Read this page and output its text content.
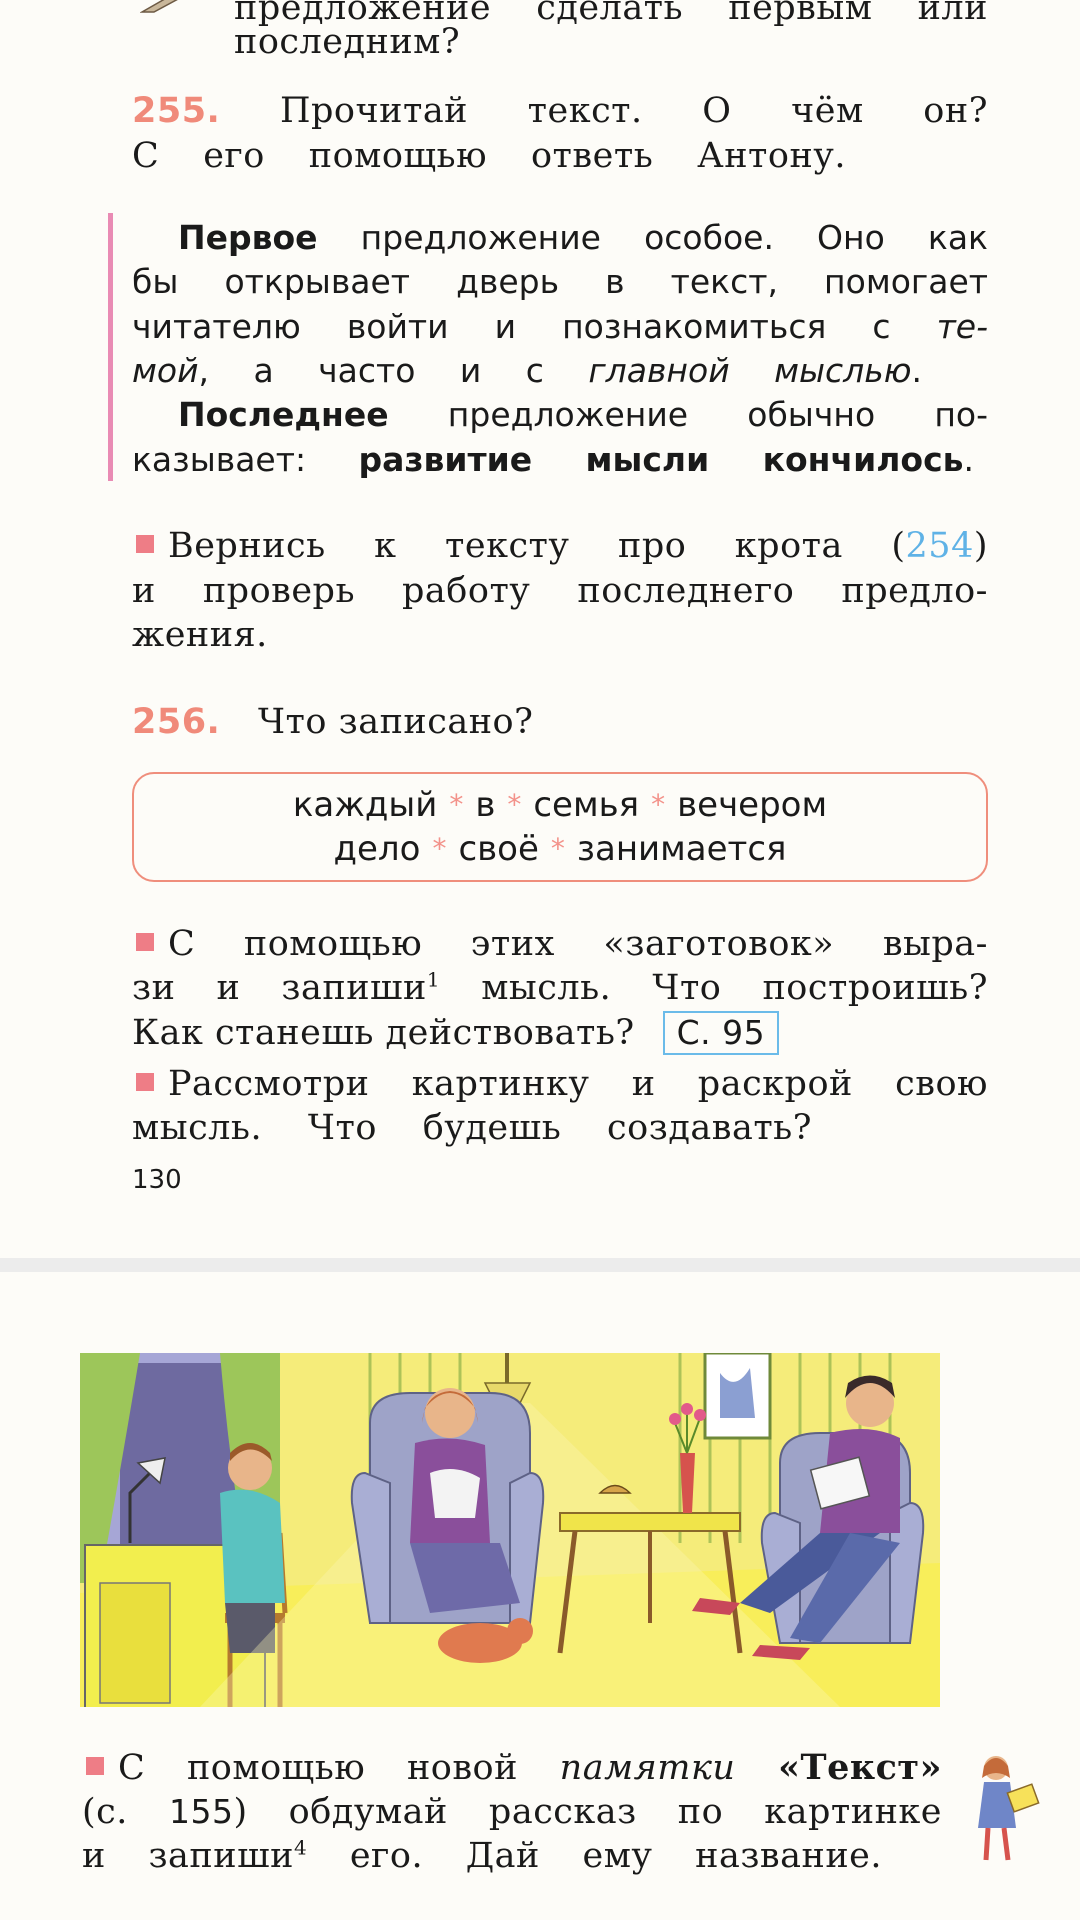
предложение сделать первым или
последним?
255. Прочитай текст. О чём он?
С его помощью ответь Антону.
Первое предложение особое. Оно как
бы открывает дверь в текст, помогает
читателю войти и познакомиться с те-
мой, а часто и с главной мыслью.
Последнее предложение обычно по-
казывает: развитие мысли кончилось.
Вернись к тексту про крота (254)
и проверь работу последнего предло-
жения.
256. Что записано?
каждый * в * семья * вечером
дело * своё * занимается
С помощью этих «заготовок» выра-
зи и запиши$^1$ мысль. Что построишь?
Как станешь действовать? С. 95
Рассмотри картинку и раскрой свою
мысль. Что будешь создавать?
130
С помощью новой памятки «Текст»
(с. 155) обдумай рассказ по картинке
и запиши$^4$ его. Дай ему название.
